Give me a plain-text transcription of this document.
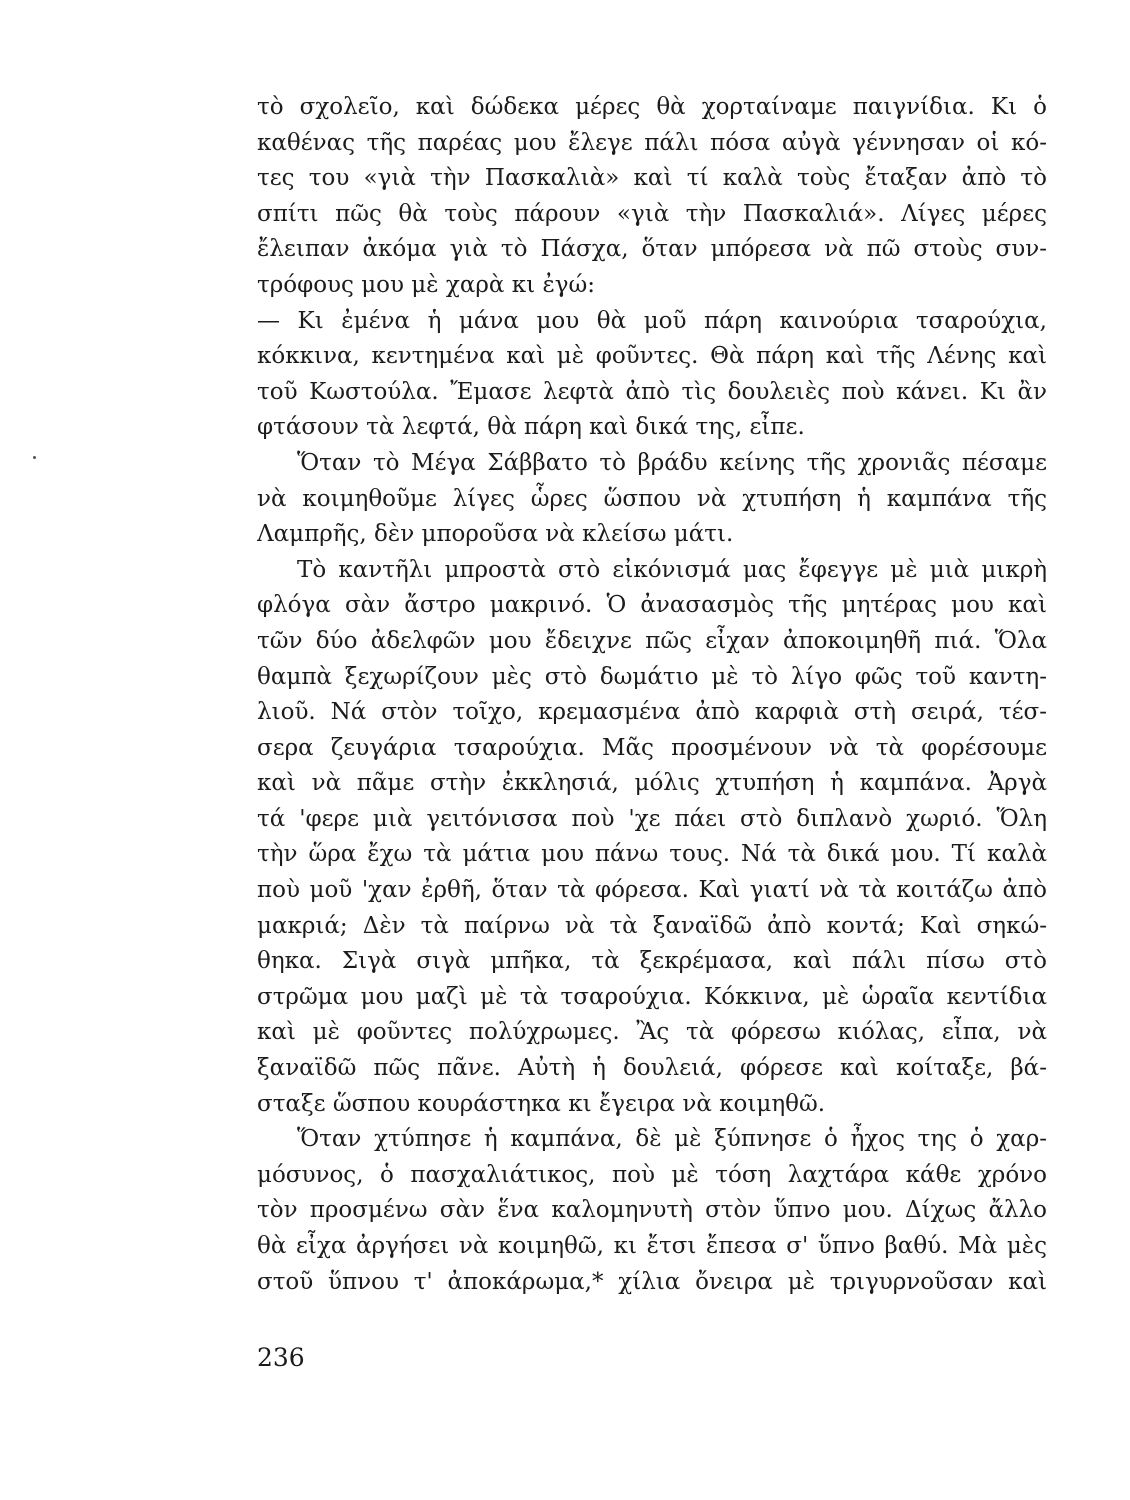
τὸ σχολεῖο, καὶ δώδεκα μέρες θὰ χορταίναμε παιγνίδια. Κι ὁ
καθένας τῆς παρέας μου ἔλεγε πάλι πόσα αὐγὰ γέννησαν οἱ κό-
τες του «γιὰ τὴν Πασκαλιὰ» καὶ τί καλὰ τοὺς ἔταξαν ἀπὸ τὸ
σπίτι πῶς θὰ τοὺς πάρουν «γιὰ τὴν Πασκαλιά». Λίγες μέρες
ἔλειπαν ἀκόμα γιὰ τὸ Πάσχα, ὅταν μπόρεσα νὰ πῶ στοὺς συν-
τρόφους μου μὲ χαρὰ κι ἐγώ:
— Κι ἐμένα ἡ μάνα μου θὰ μοῦ πάρη καινούρια τσαρούχια,
κόκκινα, κεντημένα καὶ μὲ φοῦντες. Θὰ πάρη καὶ τῆς Λένης καὶ
τοῦ Κωστούλα. Ἔμασε λεφτὰ ἀπὸ τὶς δουλειὲς ποὺ κάνει. Κι ἂν
φτάσουν τὰ λεφτά, θὰ πάρη καὶ δικά της, εἶπε.
Ὅταν τὸ Μέγα Σάββατο τὸ βράδυ κείνης τῆς χρονιᾶς πέσαμε
νὰ κοιμηθοῦμε λίγες ὧρες ὥσπου νὰ χτυπήση ἡ καμπάνα τῆς
Λαμπρῆς, δὲν μποροῦσα νὰ κλείσω μάτι.
Τὸ καντῆλι μπροστὰ στὸ εἰκόνισμά μας ἔφεγγε μὲ μιὰ μικρὴ
φλόγα σὰν ἄστρο μακρινό. Ὁ ἀνασασμὸς τῆς μητέρας μου καὶ
τῶν δύο ἀδελφῶν μου ἔδειχνε πῶς εἶχαν ἀποκοιμηθῆ πιά. Ὅλα
θαμπὰ ξεχωρίζουν μὲς στὸ δωμάτιο μὲ τὸ λίγο φῶς τοῦ καντη-
λιοῦ. Νά στὸν τοῖχο, κρεμασμένα ἀπὸ καρφιὰ στὴ σειρά, τέσ-
σερα ζευγάρια τσαρούχια. Μᾶς προσμένουν νὰ τὰ φορέσουμε
καὶ νὰ πᾶμε στὴν ἐκκλησιά, μόλις χτυπήση ἡ καμπάνα. Ἀργὰ
τά 'φερε μιὰ γειτόνισσα ποὺ 'χε πάει στὸ διπλανὸ χωριό. Ὅλη
τὴν ὥρα ἔχω τὰ μάτια μου πάνω τους. Νά τὰ δικά μου. Τί καλὰ
ποὺ μοῦ 'χαν ἐρθῆ, ὅταν τὰ φόρεσα. Καὶ γιατί νὰ τὰ κοιτάζω ἀπὸ
μακριά; Δὲν τὰ παίρνω νὰ τὰ ξαναϊδῶ ἀπὸ κοντά; Καὶ σηκώ-
θηκα. Σιγὰ σιγὰ μπῆκα, τὰ ξεκρέμασα, καὶ πάλι πίσω στὸ
στρῶμα μου μαζὶ μὲ τὰ τσαρούχια. Κόκκινα, μὲ ὡραῖα κεντίδια
καὶ μὲ φοῦντες πολύχρωμες. Ἂς τὰ φόρεσω κιόλας, εἶπα, νὰ
ξαναϊδῶ πῶς πᾶνε. Αὐτὴ ἡ δουλειά, φόρεσε καὶ κοίταξε, βά-
σταξε ὥσπου κουράστηκα κι ἔγειρα νὰ κοιμηθῶ.
Ὅταν χτύπησε ἡ καμπάνα, δὲ μὲ ξύπνησε ὁ ἦχος της ὁ χαρ-
μόσυνος, ὁ πασχαλιάτικος, ποὺ μὲ τόση λαχτάρα κάθε χρόνο
τὸν προσμένω σὰν ἕνα καλομηνυτὴ στὸν ὕπνο μου. Δίχως ἄλλο
θὰ εἶχα ἀργήσει νὰ κοιμηθῶ, κι ἔτσι ἔπεσα σ' ὕπνο βαθύ. Μὰ μὲς
στοῦ ὕπνου τ' ἀποκάρωμα,* χίλια ὄνειρα μὲ τριγυρνοῦσαν καὶ
236
